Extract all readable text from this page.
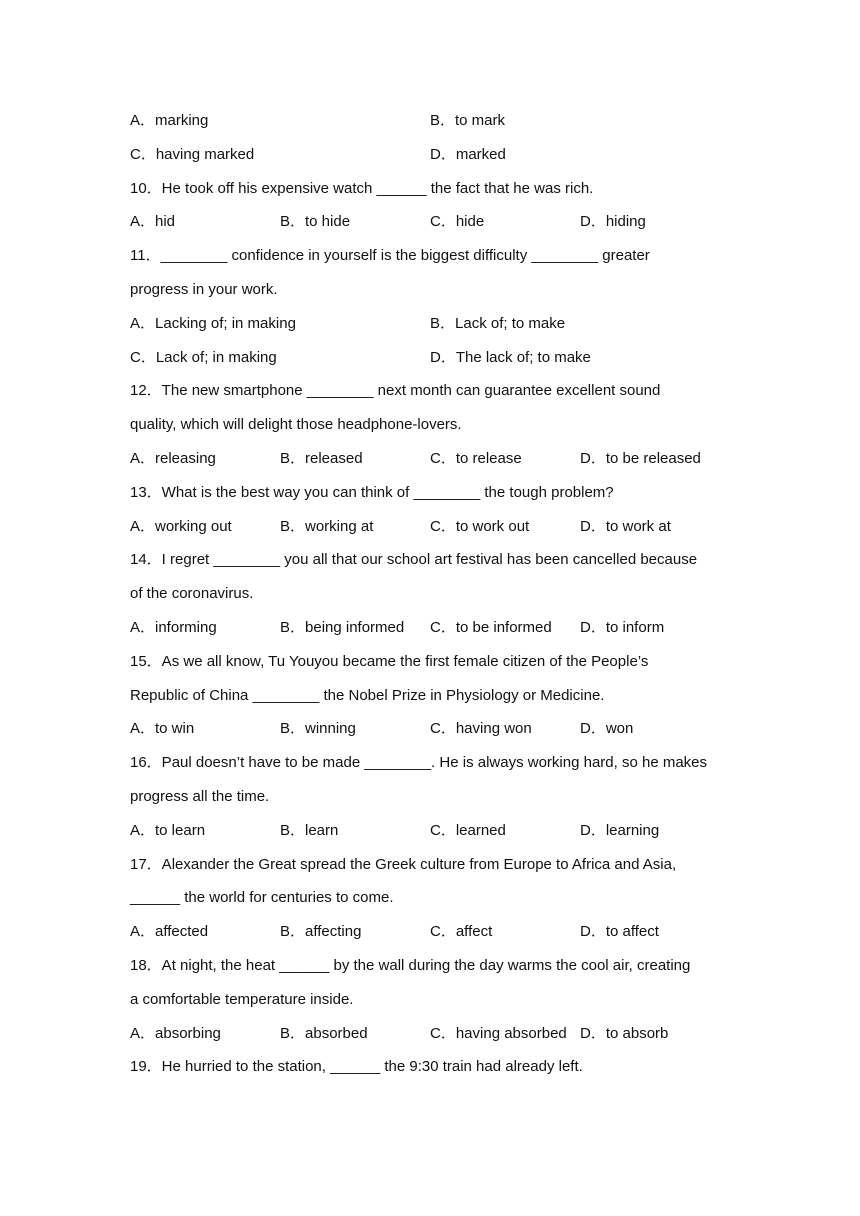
A．marking	B．to mark
C．having marked	D．marked
10．He took off his expensive watch ______ the fact that he was rich.
A．hid	B．to hide	C．hide	D．hiding
11．________ confidence in yourself is the biggest difficulty ________ greater
progress in your work.
A．Lacking of; in making	B．Lack of; to make
C．Lack of; in making	D．The lack of; to make
12．The new smartphone ________ next month can guarantee excellent sound
quality, which will delight those headphone-lovers.
A．releasing	B．released	C．to release	D．to be released
13．What is the best way you can think of ________ the tough problem?
A．working out	B．working at	C．to work out	D．to work at
14．I regret ________ you all that our school art festival has been cancelled because
of the coronavirus.
A．informing	B．being informed C．to be informed D．to inform
15．As we all know, Tu Youyou became the first female citizen of the People’s
Republic of China ________ the Nobel Prize in Physiology or Medicine.
A．to win	B．winning	C．having won	D．won
16．Paul doesn’t have to be made ________. He is always working hard, so he makes
progress all the time.
A．to learn	B．learn	C．learned	D．learning
17．Alexander the Great spread the Greek culture from Europe to Africa and Asia,
______ the world for centuries to come.
A．affected	B．affecting	C．affect	D．to affect
18．At night, the heat ______ by the wall during the day warms the cool air, creating
a comfortable temperature inside.
A．absorbing	B．absorbed	C．having absorbed D．to absorb
19．He hurried to the station, ______ the 9:30 train had already left.
